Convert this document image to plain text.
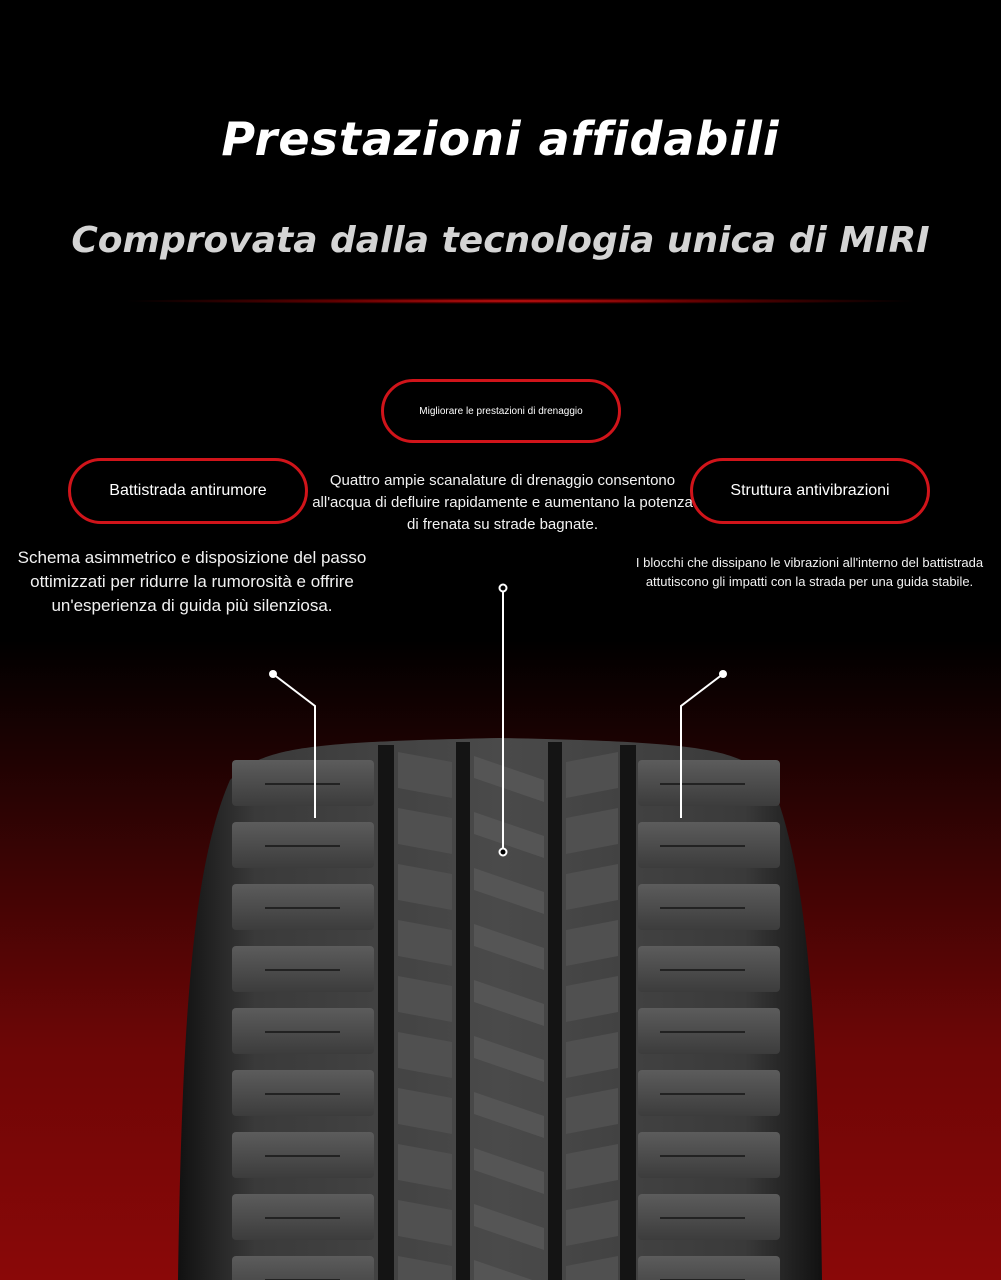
Prestazioni affidabili
Comprovata dalla tecnologia unica di MIRI
Migliorare le prestazioni di drenaggio
Battistrada antirumore	Struttura antivibrazioni
Quattro ampie scanalature di drenaggio consentono all'acqua di defluire rapidamente e aumentano la potenza di frenata su strade bagnate.
Schema asimmetrico e disposizione del passo ottimizzati per ridurre la rumorosità e offrire un'esperienza di guida più silenziosa.
I blocchi che dissipano le vibrazioni all'interno del battistrada attutiscono gli impatti con la strada per una guida stabile.
